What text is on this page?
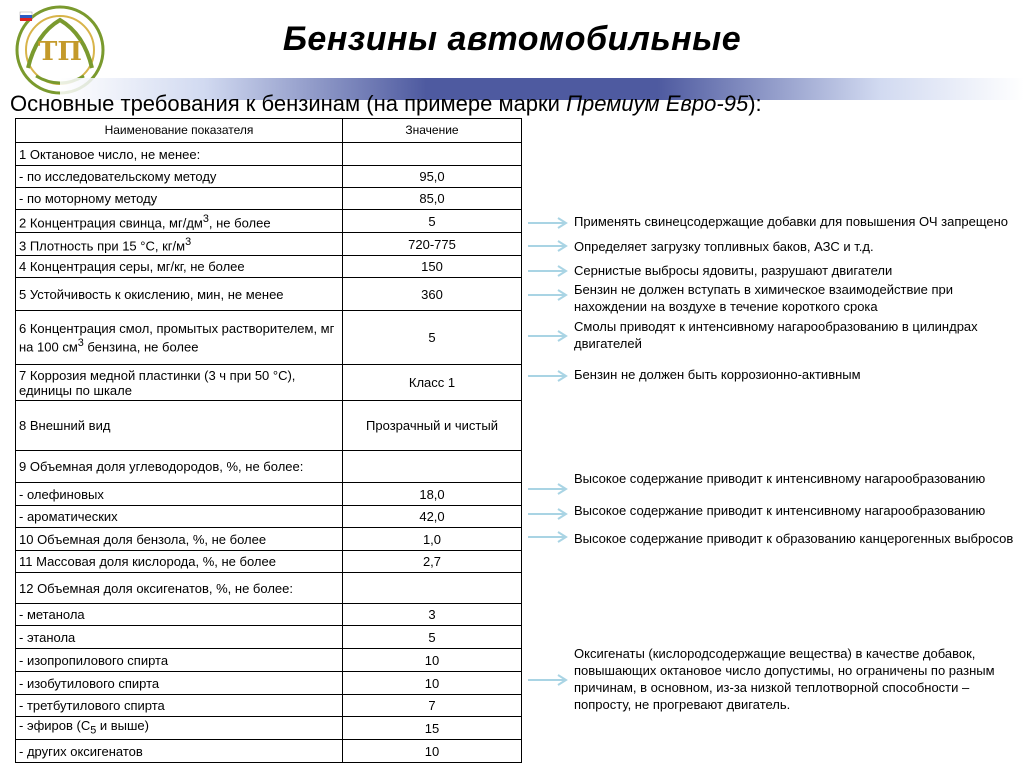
ТП	Бензины автомобильные
Основные требования к бензинам (на примере марки Премиум Евро-95):
Наименование показателя	Значение
1 Октановое число, не менее:	
- по исследовательскому методу	95,0
- по моторному методу	85,0
2 Концентрация свинца, $мг/дм^3$, не более	5
3 Плотность при 15 °С, $кг/м^3$	720-775
4 Концентрация серы, мг/кг, не более	150
5 Устойчивость к окислению, мин, не менее	360
6 Концентрация смол, промытых растворителем, мг на 100 $см^3$ бензина, не более	5
7 Коррозия медной пластинки (3 ч при 50 °С), единицы по шкале	Класс 1
8 Внешний вид	Прозрачный и чистый
9 Объемная доля углеводородов, %, не более:	
- олефиновых	18,0
- ароматических	42,0
10 Объемная доля бензола, %, не более	1,0
11 Массовая доля кислорода, %, не более	2,7
12 Объемная доля оксигенатов, %, не более:	
- метанола	3
- этанола	5
- изопропилового спирта	10
- изобутилового спирта	10
- третбутилового спирта	7
- эфиров ($С_5$ и выше)	15
- других оксигенатов	10
Применять свинецсодержащие добавки для повышения ОЧ запрещено
Определяет загрузку топливных баков, АЗС и т.д.
Сернистые выбросы ядовиты, разрушают двигатели
Бензин не должен вступать в химическое взаимодействие при нахождении на воздухе в течение короткого срока
Смолы приводят к интенсивному нагарообразованию в цилиндрах двигателей
Бензин не должен быть коррозионно-активным
Высокое содержание приводит к интенсивному нагарообразованию
Высокое содержание приводит к интенсивному нагарообразованию
Высокое содержание приводит к образованию канцерогенных выбросов
Оксигенаты (кислородсодержащие вещества) в качестве добавок, повышающих октановое число допустимы, но ограничены по разным причинам, в основном, из-за низкой теплотворной способности – попросту, не прогревают двигатель.
